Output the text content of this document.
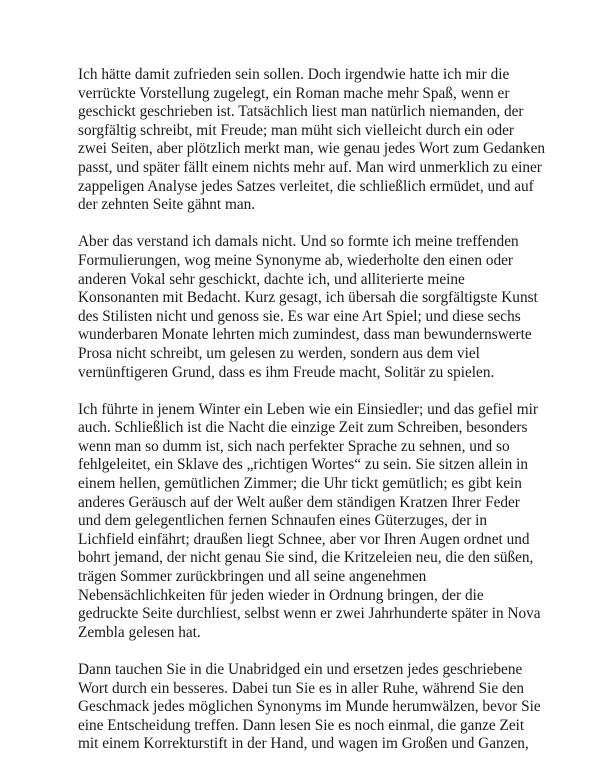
Ich hätte damit zufrieden sein sollen. Doch irgendwie hatte ich mir die
verrückte Vorstellung zugelegt, ein Roman mache mehr Spaß, wenn er
geschickt geschrieben ist. Tatsächlich liest man natürlich niemanden, der
sorgfältig schreibt, mit Freude; man müht sich vielleicht durch ein oder
zwei Seiten, aber plötzlich merkt man, wie genau jedes Wort zum Gedanken
passt, und später fällt einem nichts mehr auf. Man wird unmerklich zu einer
zappeligen Analyse jedes Satzes verleitet, die schließlich ermüdet, und auf
der zehnten Seite gähnt man.

Aber das verstand ich damals nicht. Und so formte ich meine treffenden
Formulierungen, wog meine Synonyme ab, wiederholte den einen oder
anderen Vokal sehr geschickt, dachte ich, und alliterierte meine
Konsonanten mit Bedacht. Kurz gesagt, ich übersah die sorgfältigste Kunst
des Stilisten nicht und genoss sie. Es war eine Art Spiel; und diese sechs
wunderbaren Monate lehrten mich zumindest, dass man bewundernswerte
Prosa nicht schreibt, um gelesen zu werden, sondern aus dem viel
vernünftigeren Grund, dass es ihm Freude macht, Solitär zu spielen.

Ich führte in jenem Winter ein Leben wie ein Einsiedler; und das gefiel mir
auch. Schließlich ist die Nacht die einzige Zeit zum Schreiben, besonders
wenn man so dumm ist, sich nach perfekter Sprache zu sehnen, und so
fehlgeleitet, ein Sklave des „richtigen Wortes“ zu sein. Sie sitzen allein in
einem hellen, gemütlichen Zimmer; die Uhr tickt gemütlich; es gibt kein
anderes Geräusch auf der Welt außer dem ständigen Kratzen Ihrer Feder
und dem gelegentlichen fernen Schnaufen eines Güterzuges, der in
Lichfield einfährt; draußen liegt Schnee, aber vor Ihren Augen ordnet und
bohrt jemand, der nicht genau Sie sind, die Kritzeleien neu, die den süßen,
trägen Sommer zurückbringen und all seine angenehmen
Nebensächlichkeiten für jeden wieder in Ordnung bringen, der die
gedruckte Seite durchliest, selbst wenn er zwei Jahrhunderte später in Nova
Zembla gelesen hat.

Dann tauchen Sie in die Unabridged ein und ersetzen jedes geschriebene
Wort durch ein besseres. Dabei tun Sie es in aller Ruhe, während Sie den
Geschmack jedes möglichen Synonyms im Munde herumwälzen, bevor Sie
eine Entscheidung treffen. Dann lesen Sie es noch einmal, die ganze Zeit
mit einem Korrekturstift in der Hand, und wagen im Großen und Ganzen,
